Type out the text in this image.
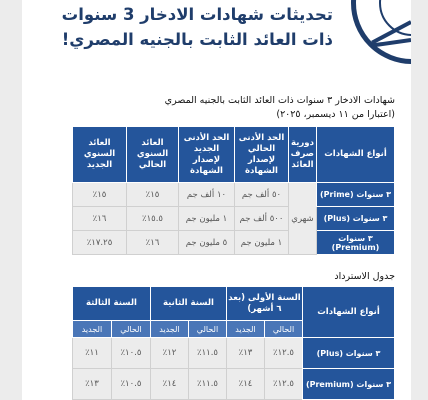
تحديثات شهادات الادخار 3 سنوات
ذات العائد الثابت بالجنيه المصري!
شهادات الادخار ٣ سنوات ذات العائد الثابت بالجنيه المصري
(اعتبارا من ١١ ديسمبر، ٢٠٢٥)
أنواع الشهادات	دورية صرف العائد	الحد الأدنى الحالي لإصدار الشهادة	الحد الأدنى الجديد لإصدار الشهادة	العائد السنوي الحالي	العائد السنوي الجديد
٣ سنوات (Prime)	شهري	٥٠ ألف جم	١٠ ألف جم	١٥٪	١٥٪
٣ سنوات (Plus)		٥٠٠ ألف جم	١ مليون جم	١٥.٥٪	١٦٪
٣ سنوات (Premium)		١ مليون جم	٥ مليون جم	١٦٪	١٧.٢٥٪
جدول الاسترداد
أنواع الشهادات	السنة الأولى (بعد ٦ أشهر)		السنة الثانية		السنة الثالثة	
	الحالي	الجديد	الحالي	الجديد	الحالي	الجديد
٣ سنوات (Plus)	١٢.٥٪	١٣٪	١١.٥٪	١٢٪	١٠.٥٪	١١٪
٣ سنوات (Premium)	١٢.٥٪	١٤٪	١١.٥٪	١٤٪	١٠.٥٪	١٣٪
